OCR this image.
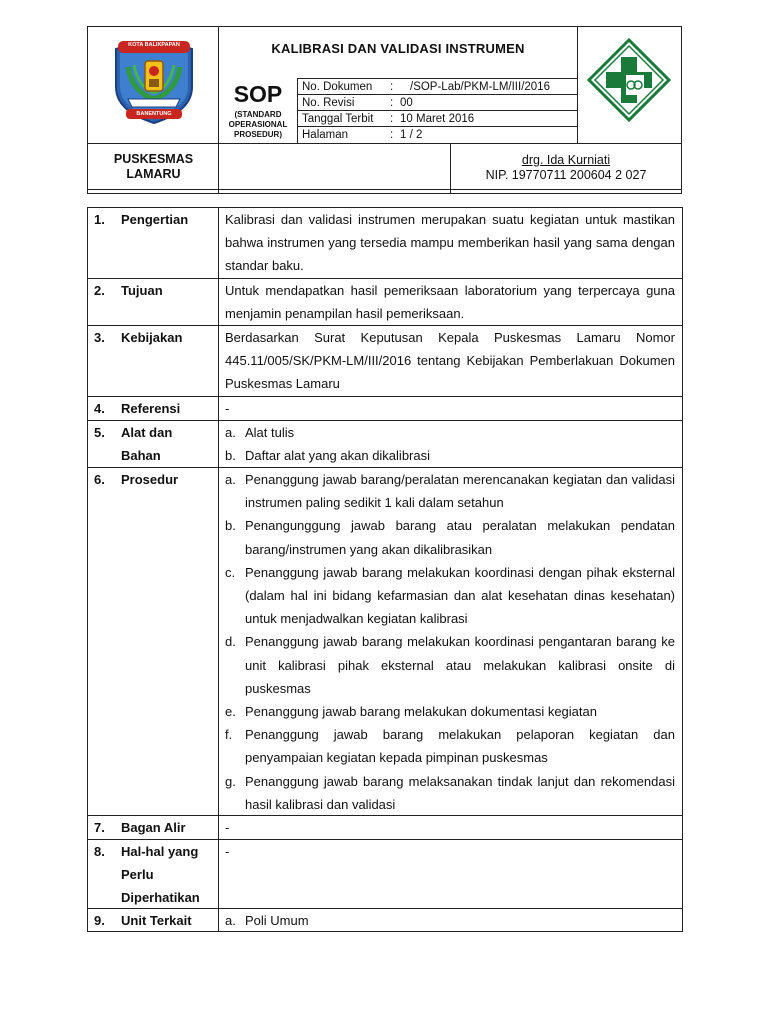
KOTA BALIKPAPAN
BANENTUNG
KALIBRASI DAN VALIDASI INSTRUMEN
SOP
(STANDARD OPERASIONAL PROSEDUR)
No. Dokumen	: /SOP-Lab/PKM-LM/III/2016
No. Revisi	: 00
Tanggal Terbit	: 10 Maret 2016
Halaman	: 1 / 2
PUSKESMAS
LAMARU
drg. Ida Kurniati
NIP. 19770711 200604 2 027
1.	Pengertian	Kalibrasi dan validasi instrumen merupakan suatu kegiatan untuk mastikan bahwa instrumen yang tersedia mampu memberikan hasil yang sama dengan standar baku.
2.	Tujuan	Untuk mendapatkan hasil pemeriksaan laboratorium yang terpercaya guna menjamin penampilan hasil pemeriksaan.
3.	Kebijakan	Berdasarkan Surat Keputusan Kepala Puskesmas Lamaru Nomor 445.11/005/SK/PKM-LM/III/2016 tentang Kebijakan Pemberlakuan Dokumen Puskesmas Lamaru
4.	Referensi	-
5.	Alat dan Bahan
a. Alat tulis
b. Daftar alat yang akan dikalibrasi
6.	Prosedur	a. Penanggung jawab barang/peralatan merencanakan kegiatan dan validasi instrumen paling sedikit 1 kali dalam setahun
b. Penangunggung jawab barang atau peralatan melakukan pendatan barang/instrumen yang akan dikalibrasikan
c. Penanggung jawab barang melakukan koordinasi dengan pihak eksternal (dalam hal ini bidang kefarmasian dan alat kesehatan dinas kesehatan) untuk menjadwalkan kegiatan kalibrasi
d. Penanggung jawab barang melakukan koordinasi pengantaran barang ke unit kalibrasi pihak eksternal atau melakukan kalibrasi onsite di puskesmas
e. Penanggung jawab barang melakukan dokumentasi kegiatan
f. Penanggung jawab barang melakukan pelaporan kegiatan dan penyampaian kegiatan kepada pimpinan puskesmas
g. Penanggung jawab barang melaksanakan tindak lanjut dan rekomendasi hasil kalibrasi dan validasi
7.	Bagan Alir	-
8.	Hal-hal yang Perlu Diperhatikan
-
9.	Unit Terkait	a. Poli Umum
